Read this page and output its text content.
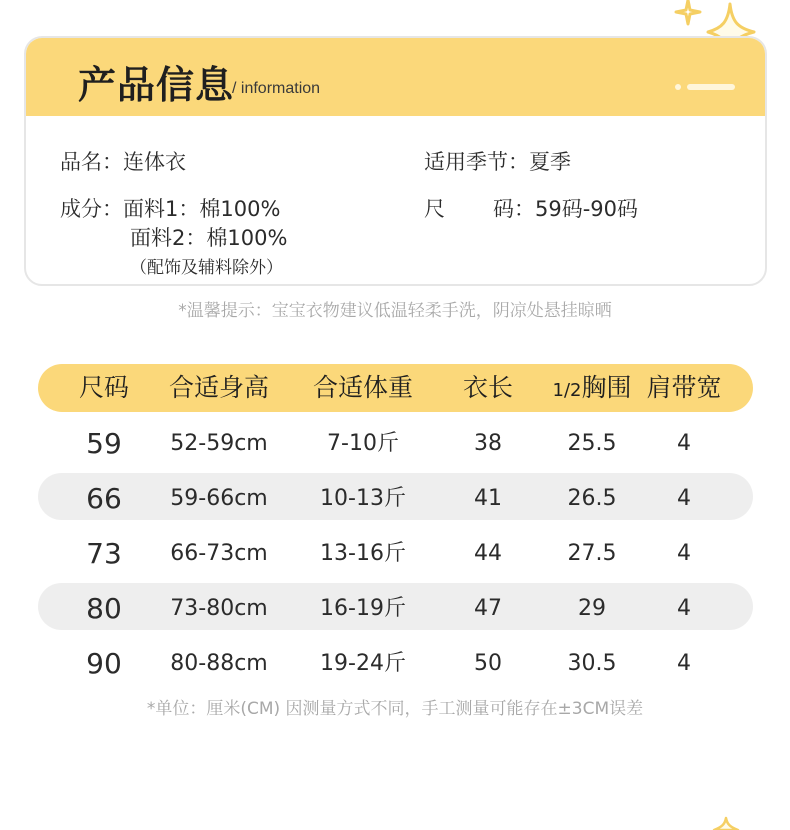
产品信息
/ information
品名：连体衣	适用季节：夏季
成分：面料1：棉100%	尺 码：59码-90码
面料2：棉100%
（配饰及辅料除外）
*温馨提示：宝宝衣物建议低温轻柔手洗，阴凉处悬挂晾晒
尺码	合适身高	合适体重	衣长	1/2胸围 肩带宽
59	52-59cm	7-10斤	38	25.5	4
66	59-66cm	10-13斤	41	26.5	4
73	66-73cm	13-16斤	44	27.5	4
80	73-80cm	16-19斤	47	29	4
90	80-88cm	19-24斤	50	30.5	4
*单位：厘米(CM) 因测量方式不同，手工测量可能存在±3CM误差
